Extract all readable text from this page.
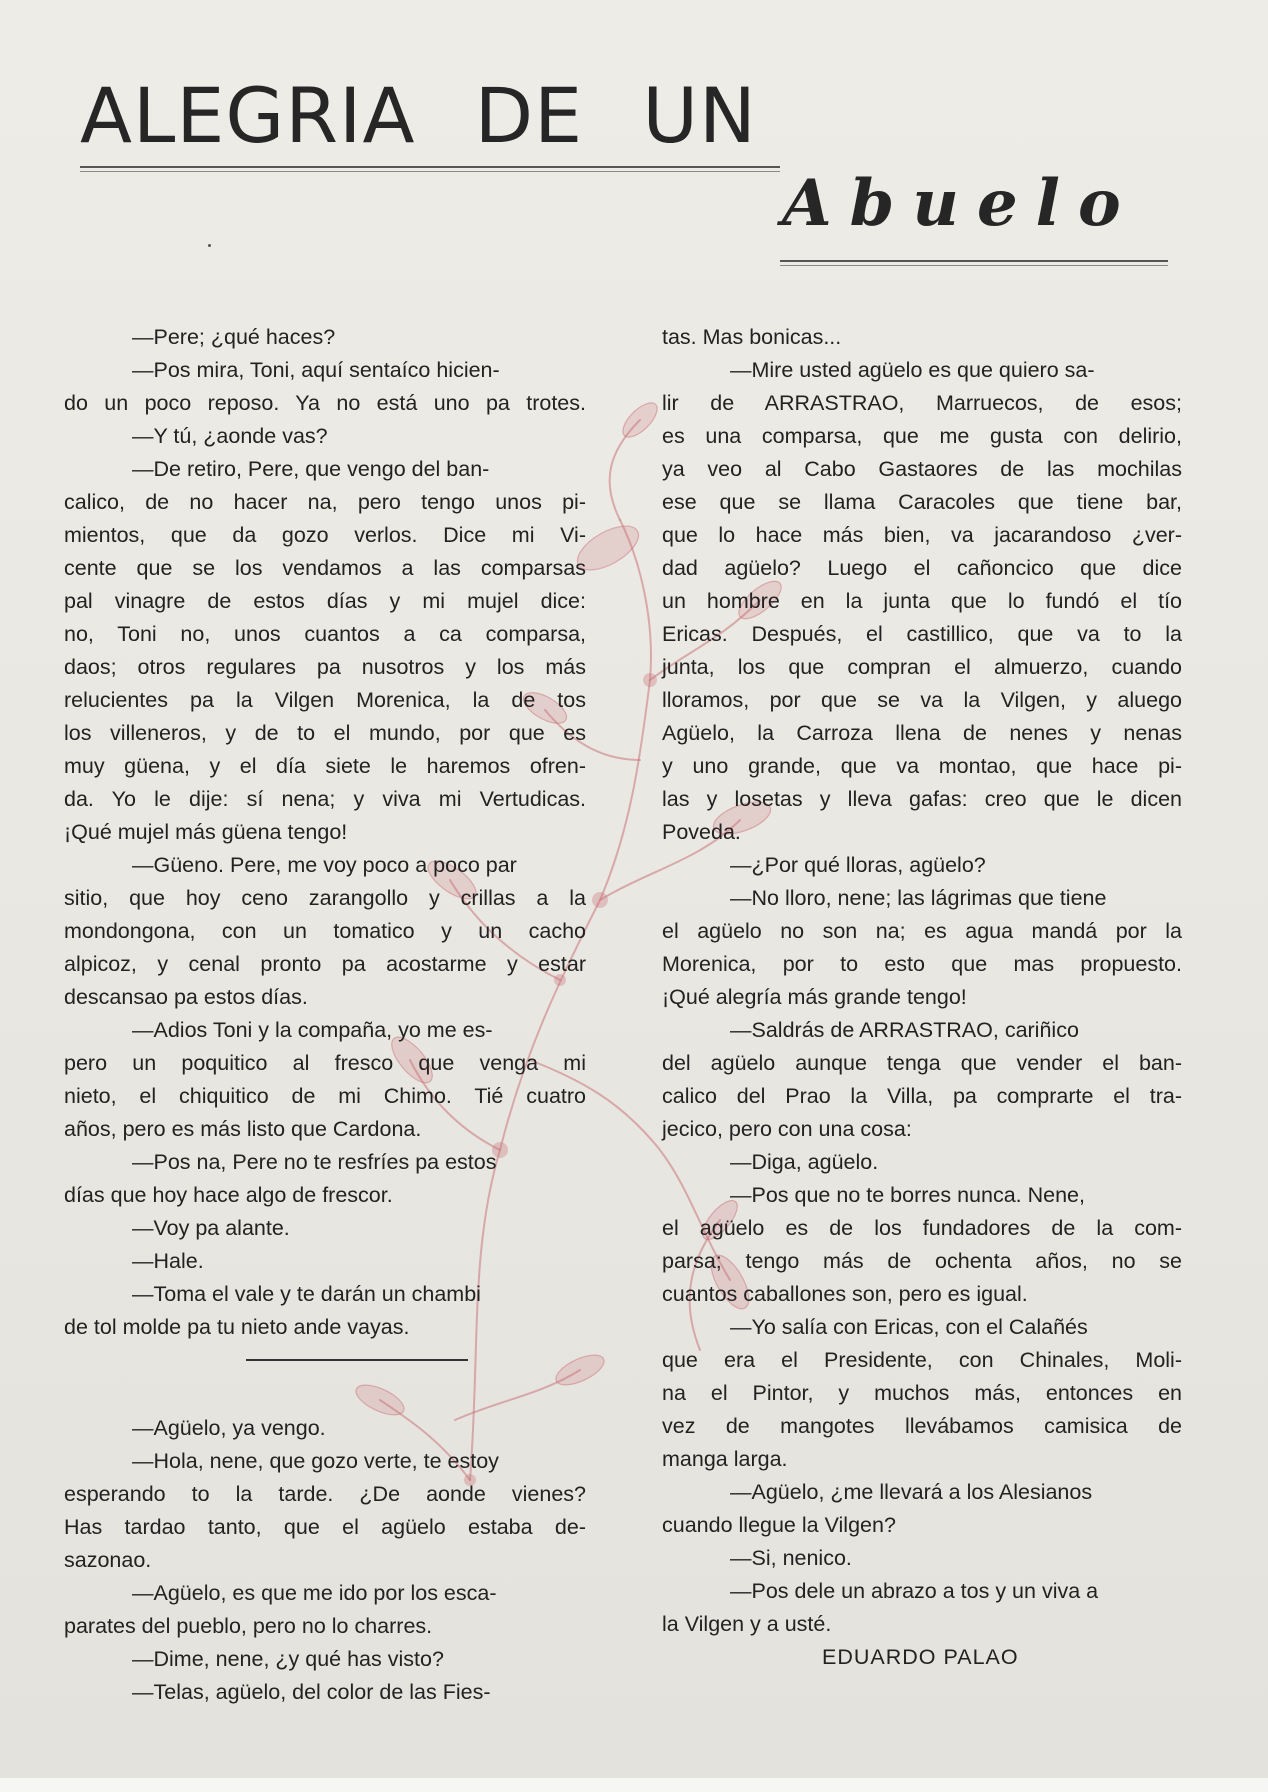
ALEGRIA DE UN
Abuelo

—Pere; ¿qué haces?

—Pos mira, Toni, aquí sentaíco hicien-

do un poco reposo. Ya no está uno pa trotes.

—Y tú, ¿aonde vas?

—De retiro, Pere, que vengo del ban-

calico, de no hacer na, pero tengo unos pi-

mientos, que da gozo verlos. Dice mi Vi-

cente que se los vendamos a las comparsas

pal vinagre de estos días y mi mujel dice:

no, Toni no, unos cuantos a ca comparsa,

daos; otros regulares pa nusotros y los más

relucientes pa la Vilgen Morenica, la de tos

los villeneros, y de to el mundo, por que es

muy güena, y el día siete le haremos ofren-

da. Yo le dije: sí nena; y viva mi Vertudicas.

¡Qué mujel más güena tengo!

—Güeno. Pere, me voy poco a poco par

sitio, que hoy ceno zarangollo y crillas a la

mondongona, con un tomatico y un cacho

alpicoz, y cenal pronto pa acostarme y estar

descansao pa estos días.

—Adios Toni y la compaña, yo me es-

pero un poquitico al fresco que venga mi

nieto, el chiquitico de mi Chimo. Tié cuatro

años, pero es más listo que Cardona.

—Pos na, Pere no te resfríes pa estos

días que hoy hace algo de frescor.

—Voy pa alante.

—Hale.

—Toma el vale y te darán un chambi

de tol molde pa tu nieto ande vayas.

—Agüelo, ya vengo.

—Hola, nene, que gozo verte, te estoy

esperando to la tarde. ¿De aonde vienes?

Has tardao tanto, que el agüelo estaba de-

sazonao.

—Agüelo, es que me ido por los esca-

parates del pueblo, pero no lo charres.

—Dime, nene, ¿y qué has visto?

—Telas, agüelo, del color de las Fies-

tas. Mas bonicas...

—Mire usted agüelo es que quiero sa-

lir de ARRASTRAO, Marruecos, de esos;

es una comparsa, que me gusta con delirio,

ya veo al Cabo Gastaores de las mochilas

ese que se llama Caracoles que tiene bar,

que lo hace más bien, va jacarandoso ¿ver-

dad agüelo? Luego el cañoncico que dice

un hombre en la junta que lo fundó el tío

Ericas. Después, el castillico, que va to la

junta, los que compran el almuerzo, cuando

lloramos, por que se va la Vilgen, y aluego

Agüelo, la Carroza llena de nenes y nenas

y uno grande, que va montao, que hace pi-

las y losetas y lleva gafas: creo que le dicen

Poveda.

—¿Por qué lloras, agüelo?

—No lloro, nene; las lágrimas que tiene

el agüelo no son na; es agua mandá por la

Morenica, por to esto que mas propuesto.

¡Qué alegría más grande tengo!

—Saldrás de ARRASTRAO, cariñico

del agüelo aunque tenga que vender el ban-

calico del Prao la Villa, pa comprarte el tra-

jecico, pero con una cosa:

—Diga, agüelo.

—Pos que no te borres nunca. Nene,

el agüelo es de los fundadores de la com-

parsa; tengo más de ochenta años, no se

cuantos caballones son, pero es igual.

—Yo salía con Ericas, con el Calañés

que era el Presidente, con Chinales, Moli-

na el Pintor, y muchos más, entonces en

vez de mangotes llevábamos camisica de

manga larga.

—Agüelo, ¿me llevará a los Alesianos

cuando llegue la Vilgen?

—Si, nenico.

—Pos dele un abrazo a tos y un viva a

la Vilgen y a usté.

EDUARDO PALAO
